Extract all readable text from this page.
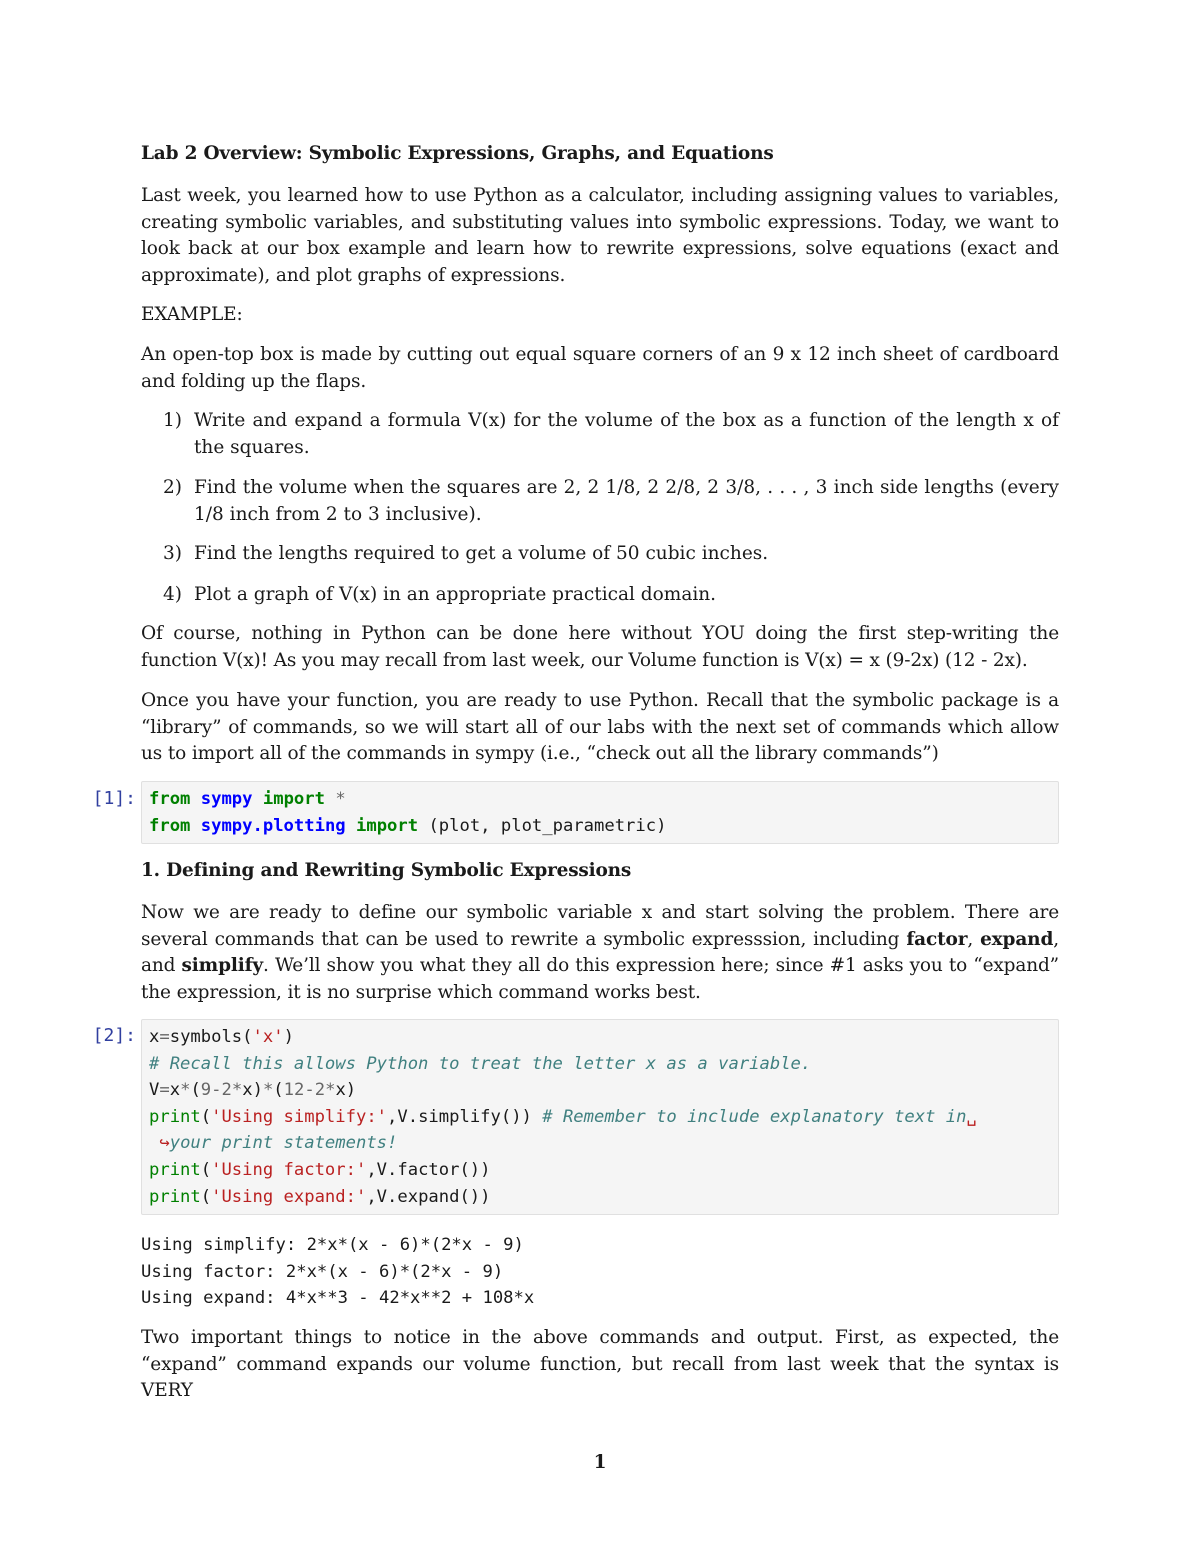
Lab 2 Overview: Symbolic Expressions, Graphs, and Equations

Last week, you learned how to use Python as a calculator, including assigning values to variables, creating symbolic variables, and substituting values into symbolic expressions. Today, we want to look back at our box example and learn how to rewrite expressions, solve equations (exact and approximate), and plot graphs of expressions.

EXAMPLE:

An open-top box is made by cutting out equal square corners of an 9 x 12 inch sheet of cardboard and folding up the flaps.

1) Write and expand a formula V(x) for the volume of the box as a function of the length x of the squares.
2) Find the volume when the squares are 2, 2 1/8, 2 2/8, 2 3/8, . . . , 3 inch side lengths (every 1/8 inch from 2 to 3 inclusive).
3) Find the lengths required to get a volume of 50 cubic inches.
4) Plot a graph of V(x) in an appropriate practical domain.

Of course, nothing in Python can be done here without YOU doing the first step-writing the function V(x)! As you may recall from last week, our Volume function is V(x) = x (9-2x) (12 - 2x).

Once you have your function, you are ready to use Python. Recall that the symbolic package is a “library” of commands, so we will start all of our labs with the next set of commands which allow us to import all of the commands in sympy (i.e., “check out all the library commands”)

[1]: from sympy import *
from sympy.plotting import (plot, plot_parametric)
1. Defining and Rewriting Symbolic Expressions

Now we are ready to define our symbolic variable x and start solving the problem. There are several commands that can be used to rewrite a symbolic expresssion, including factor, expand, and simplify. We’ll show you what they all do this expression here; since #1 asks you to “expand” the expression, it is no surprise which command works best.

[2]: x=symbols('x')
# Recall this allows Python to treat the letter x as a variable.
V=x*(9-2*x)*(12-2*x)
print('Using simplify:',V.simplify()) # Remember to include explanatory text in␣
↪your print statements!
print('Using factor:',V.factor())
print('Using expand:',V.expand())
Using simplify: 2*x*(x - 6)*(2*x - 9)
Using factor: 2*x*(x - 6)*(2*x - 9)
Using expand: 4*x**3 - 42*x**2 + 108*x

Two important things to notice in the above commands and output. First, as expected, the “expand” command expands our volume function, but recall from last week that the syntax is VERY

1
